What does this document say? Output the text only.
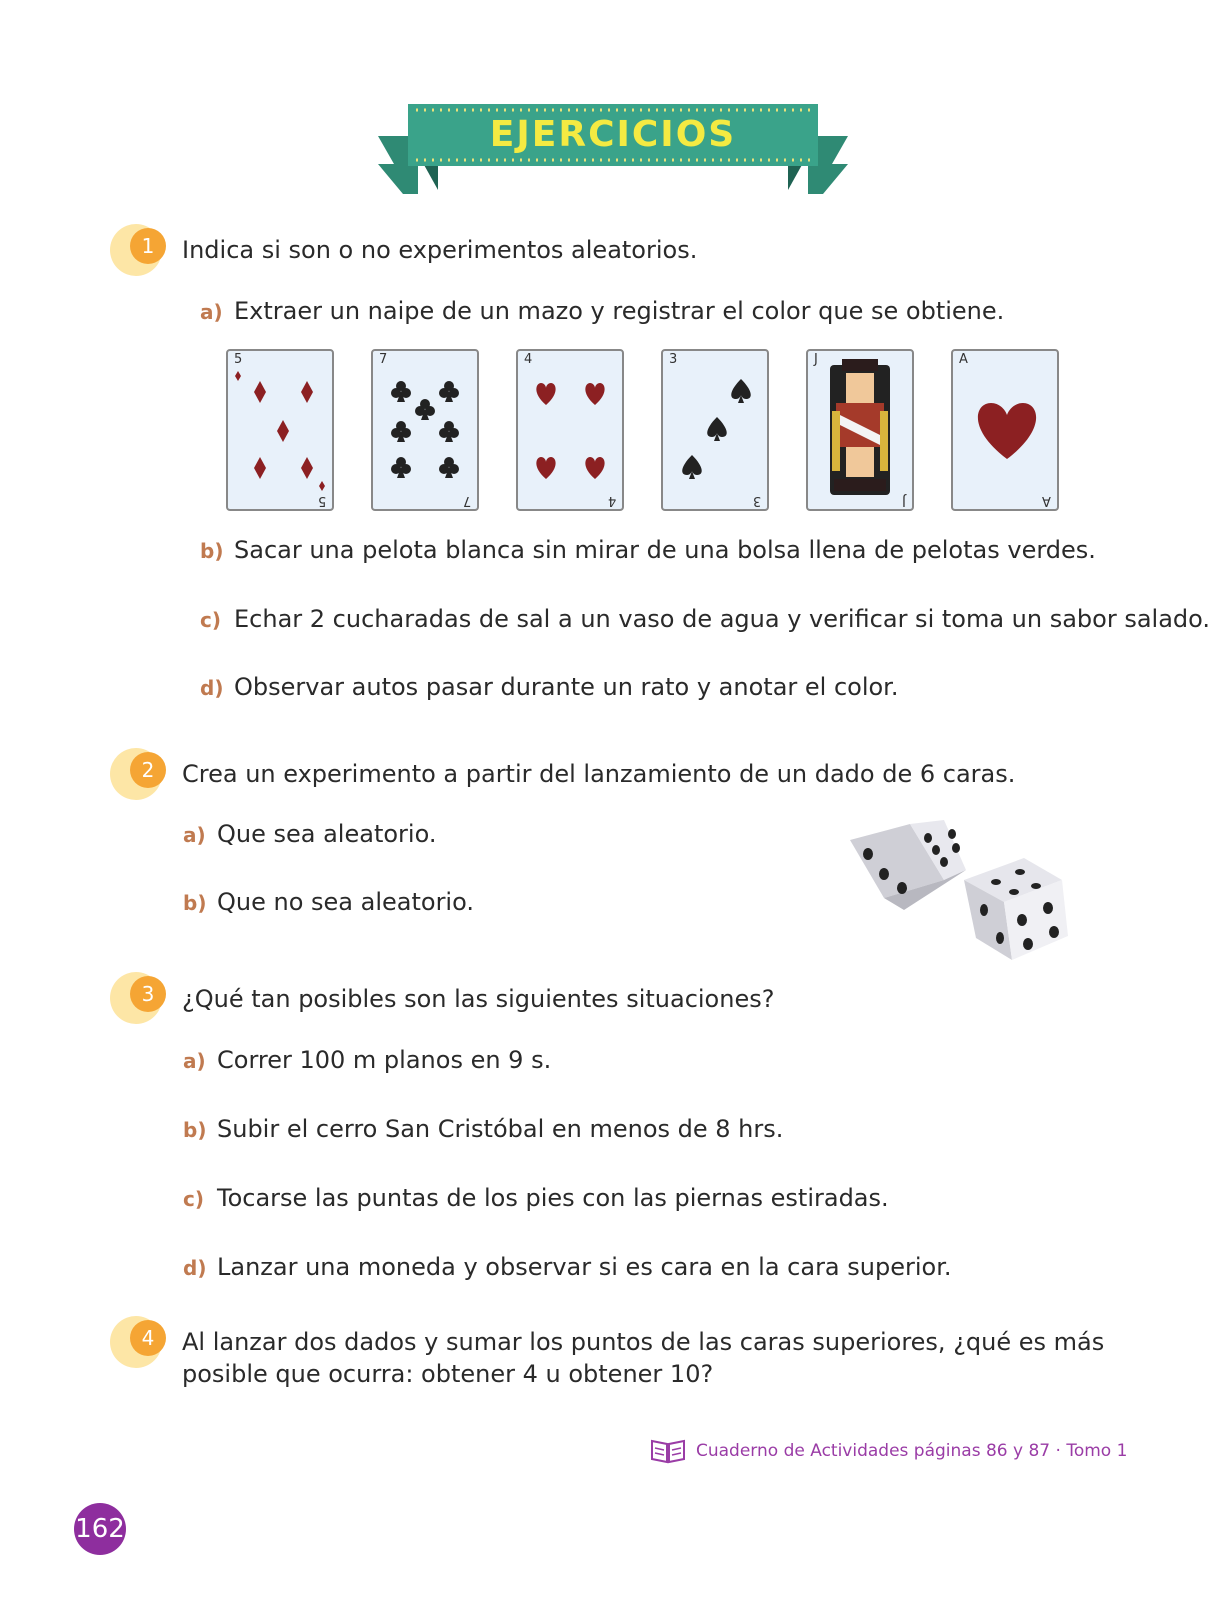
EJERCICIOS
1	Indica si son o no experimentos aleatorios.
a) Extraer un naipe de un mazo y registrar el color que se obtiene.
5
5
7
7
4
4
3
3
J
J
A
A
b) Sacar una pelota blanca sin mirar de una bolsa llena de pelotas verdes.
c) Echar 2 cucharadas de sal a un vaso de agua y verificar si toma un sabor salado.
d) Observar autos pasar durante un rato y anotar el color.
2	Crea un experimento a partir del lanzamiento de un dado de 6 caras.
a) Que sea aleatorio.
b) Que no sea aleatorio.
3	¿Qué tan posibles son las siguientes situaciones?
a) Correr 100 m planos en 9 s.
b) Subir el cerro San Cristóbal en menos de 8 hrs.
c) Tocarse las puntas de los pies con las piernas estiradas.
d) Lanzar una moneda y observar si es cara en la cara superior.
4	Al lanzar dos dados y sumar los puntos de las caras superiores, ¿qué es más
posible que ocurra: obtener 4 u obtener 10?
Cuaderno de Actividades páginas 86 y 87 · Tomo 1
162
